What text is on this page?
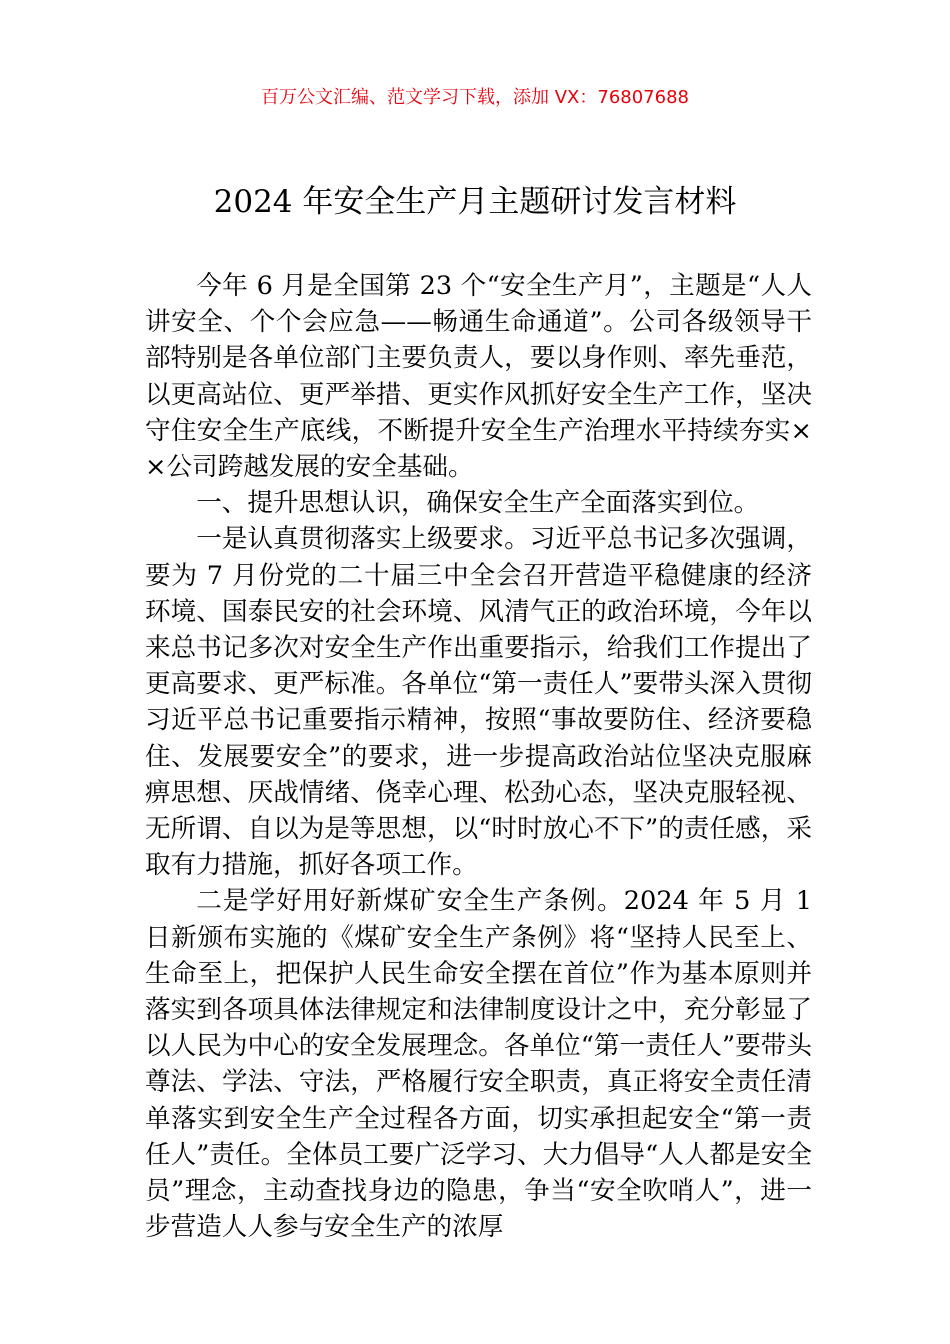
百万公文汇编、范文学习下载，添加 VX：76807688
2024 年安全生产月主题研讨发言材料

今年 6 月是全国第 23 个“安全生产月”，主题是“人人讲安全、个个会应急——畅通生命通道”。公司各级领导干部特别是各单位部门主要负责人，要以身作则、率先垂范，以更高站位、更严举措、更实作风抓好安全生产工作，坚决守住安全生产底线，不断提升安全生产治理水平持续夯实××公司跨越发展的安全基础。

一、提升思想认识，确保安全生产全面落实到位。

一是认真贯彻落实上级要求。习近平总书记多次强调，要为 7 月份党的二十届三中全会召开营造平稳健康的经济环境、国泰民安的社会环境、风清气正的政治环境，今年以来总书记多次对安全生产作出重要指示，给我们工作提出了更高要求、更严标准。各单位“第一责任人”要带头深入贯彻习近平总书记重要指示精神，按照“事故要防住、经济要稳住、发展要安全”的要求，进一步提高政治站位坚决克服麻痹思想、厌战情绪、侥幸心理、松劲心态，坚决克服轻视、无所谓、自以为是等思想，以“时时放心不下”的责任感，采取有力措施，抓好各项工作。

二是学好用好新煤矿安全生产条例。2024 年 5 月 1 日新颁布实施的《煤矿安全生产条例》将“坚持人民至上、生命至上，把保护人民生命安全摆在首位”作为基本原则并落实到各项具体法律规定和法律制度设计之中，充分彰显了以人民为中心的安全发展理念。各单位“第一责任人”要带头尊法、学法、守法，严格履行安全职责，真正将安全责任清单落实到安全生产全过程各方面，切实承担起安全“第一责任人”责任。全体员工要广泛学习、大力倡导“人人都是安全员”理念，主动查找身边的隐患，争当“安全吹哨人”，进一步营造人人参与安全生产的浓厚
